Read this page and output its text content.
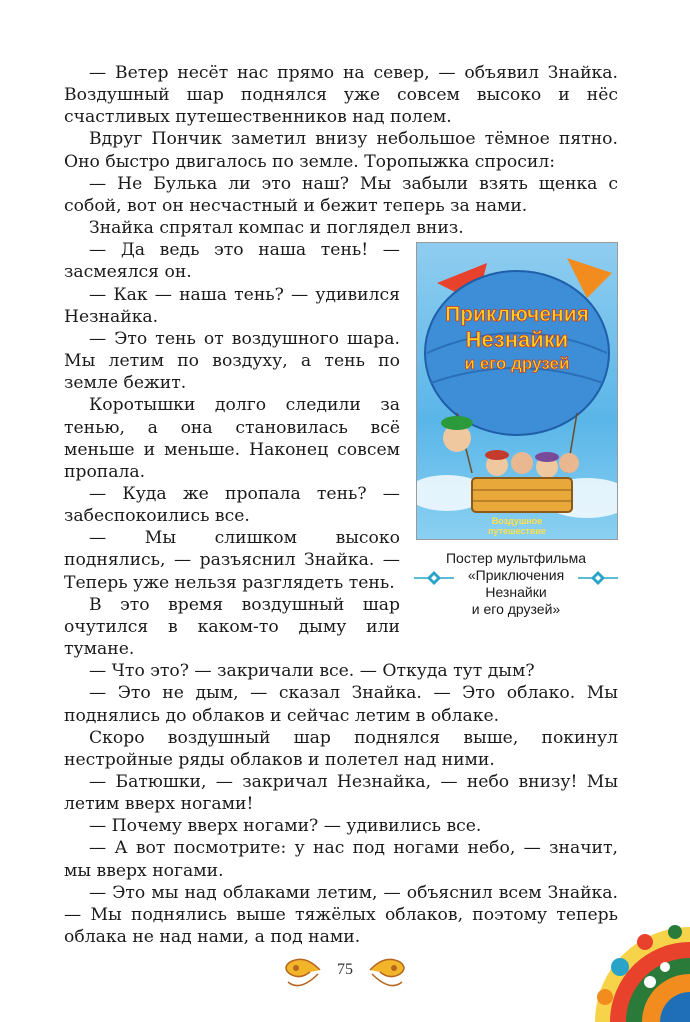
— Ветер несёт нас прямо на север, — объявил Знайка. Воздушный шар поднялся уже совсем высоко и нёс счастливых путешественников над полем.

Вдруг Пончик заметил внизу небольшое тёмное пятно. Оно быстро двигалось по земле. Торопыжка спросил:

— Не Булька ли это наш? Мы забыли взять щенка с собой, вот он несчастный и бежит теперь за нами.

Знайка спрятал компас и поглядел вниз.

Приключения
Незнайки
и его друзей
Воздушное
путешествие
Постер мультфильма
«Приключения
Незнайки
и его друзей»

— Да ведь это наша тень! — засмеялся он.

— Как — наша тень? — удивился Незнайка.

— Это тень от воздушного шара. Мы летим по воздуху, а тень по земле бежит.

Коротышки долго следили за тенью, а она становилась всё меньше и меньше. Наконец совсем пропала.

— Куда же пропала тень? — забеспокоились все.

— Мы слишком высоко поднялись, — разъяснил Знайка. — Теперь уже нельзя разглядеть тень.

В это время воздушный шар очутился в каком-то дыму или тумане.

— Что это? — закричали все. — Откуда тут дым?

— Это не дым, — сказал Знайка. — Это облако. Мы поднялись до облаков и сейчас летим в облаке.

Скоро воздушный шар поднялся выше, покинул нестройные ряды облаков и полетел над ними.

— Батюшки, — закричал Незнайка, — небо внизу! Мы летим вверх ногами!

— Почему вверх ногами? — удивились все.

— А вот посмотрите: у нас под ногами небо, — значит, мы вверх ногами.

— Это мы над облаками летим, — объяснил всем Знайка. — Мы поднялись выше тяжёлых облаков, поэтому теперь облака не над нами, а под нами.

75
